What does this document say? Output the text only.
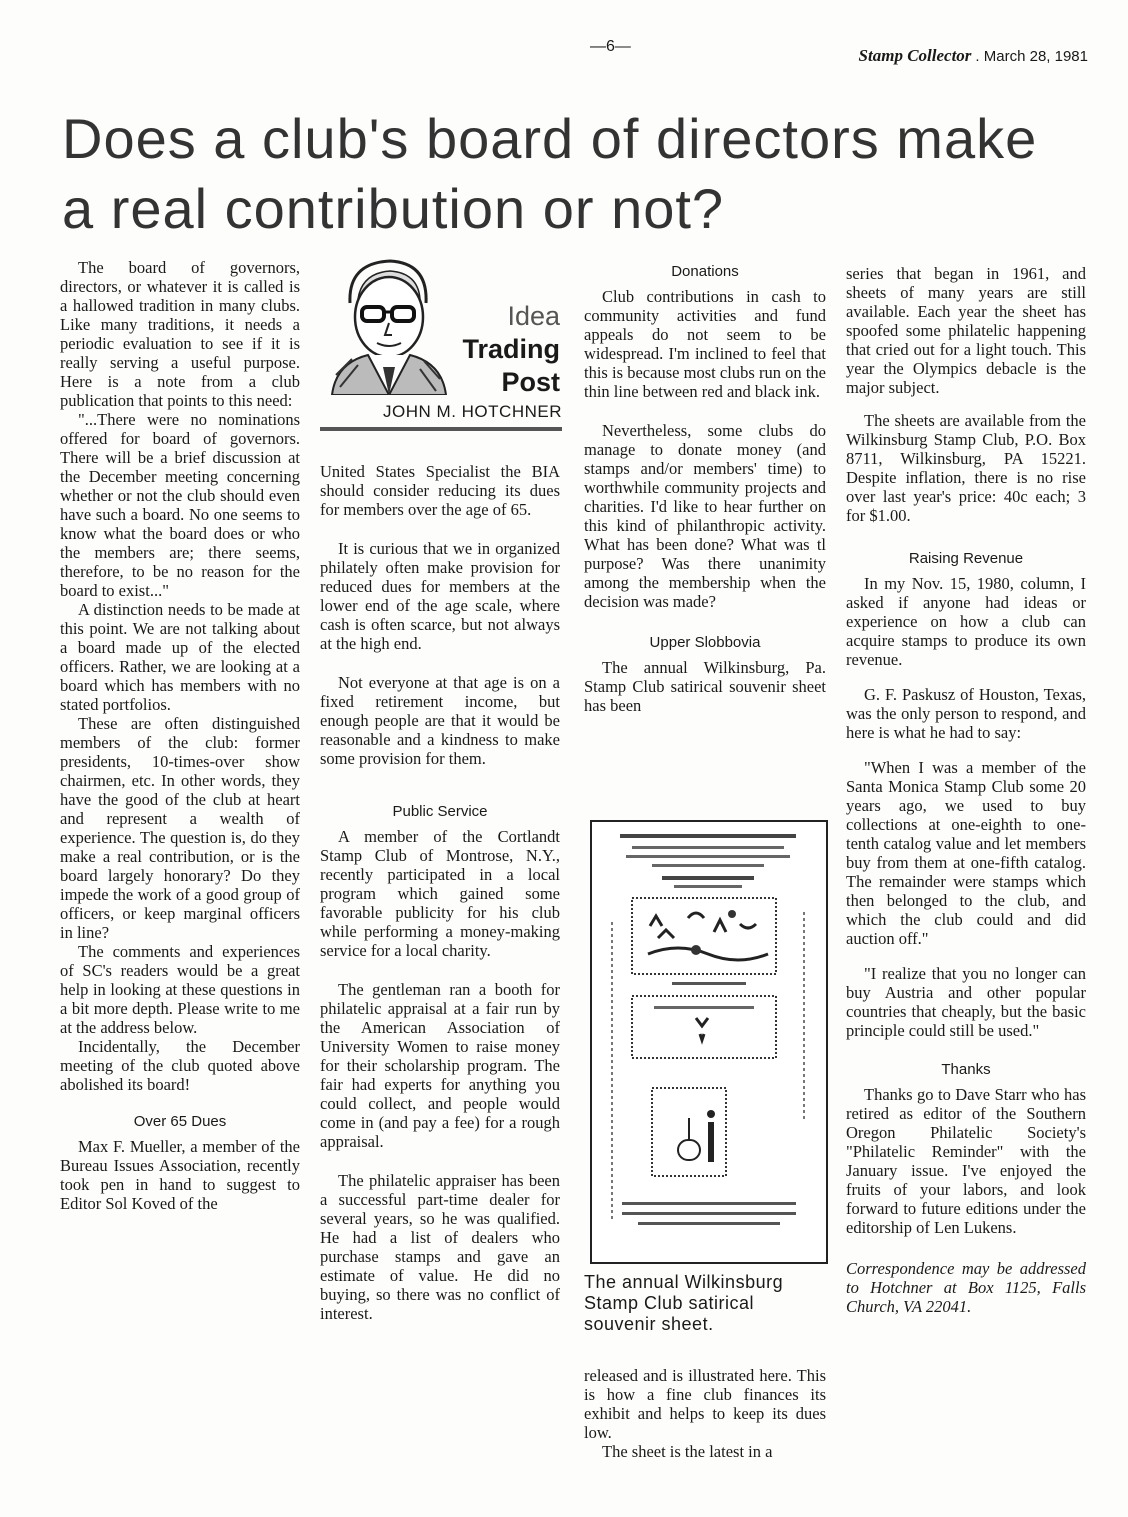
—6—	Stamp Collector . March 28, 1981
Does a club's board of directors make a real contribution or not?

The board of governors, directors, or whatever it is called is a hallowed tradition in many clubs. Like many traditions, it needs a periodic evaluation to see if it is really serving a useful purpose. Here is a note from a club publication that points to this need:

"...There were no nominations offered for board of governors. There will be a brief discussion at the December meeting concerning whether or not the club should even have such a board. No one seems to know what the board does or who the members are; there seems, therefore, to be no reason for the board to exist..."

A distinction needs to be made at this point. We are not talking about a board made up of the elected officers. Rather, we are looking at a board which has members with no stated portfolios.

These are often distinguished members of the club: former presidents, 10-times-over show chairmen, etc. In other words, they have the good of the club at heart and represent a wealth of experience. The question is, do they make a real contribution, or is the board largely honorary? Do they impede the work of a good group of officers, or keep marginal officers in line?

The comments and experiences of SC's readers would be a great help in looking at these questions in a bit more depth. Please write to me at the address below.

Incidentally, the December meeting of the club quoted above abolished its board!

Over 65 Dues

Max F. Mueller, a member of the Bureau Issues Association, recently took pen in hand to suggest to Editor Sol Koved of the

Idea
Trading
Post
JOHN M. HOTCHNER

United States Specialist the BIA should consider reducing its dues for members over the age of 65.

It is curious that we in organized philately often make provision for reduced dues for members at the lower end of the age scale, where cash is often scarce, but not always at the high end.

Not everyone at that age is on a fixed retirement income, but enough people are that it would be reasonable and a kindness to make some provision for them.

Public Service

A member of the Cortlandt Stamp Club of Montrose, N.Y., recently participated in a local program which gained some favorable publicity for his club while performing a money-making service for a local charity.

The gentleman ran a booth for philatelic appraisal at a fair run by the American Association of University Women to raise money for their scholarship program. The fair had experts for anything you could collect, and people would come in (and pay a fee) for a rough appraisal.

The philatelic appraiser has been a successful part-time dealer for several years, so he was qualified. He had a list of dealers who purchase stamps and gave an estimate of value. He did no buying, so there was no conflict of interest.

Donations

Club contributions in cash to community activities and fund appeals do not seem to be widespread. I'm inclined to feel that this is because most clubs run on the thin line between red and black ink.

Nevertheless, some clubs do manage to donate money (and stamps and/or members' time) to worthwhile community projects and charities. I'd like to hear further on this kind of philanthropic activity. What has been done? What was tl purpose? Was there unanimity among the membership when the decision was made?

Upper Slobbovia

The annual Wilkinsburg, Pa. Stamp Club satirical souvenir sheet has been

The annual Wilkinsburg Stamp Club satirical souvenir sheet.

released and is illustrated here. This is how a fine club finances its exhibit and helps to keep its dues low.

The sheet is the latest in a

series that began in 1961, and sheets of many years are still available. Each year the sheet has spoofed some philatelic happening that cried out for a light touch. This year the Olympics debacle is the major subject.

The sheets are available from the Wilkinsburg Stamp Club, P.O. Box 8711, Wilkinsburg, PA 15221. Despite inflation, there is no rise over last year's price: 40c each; 3 for $1.00.

Raising Revenue

In my Nov. 15, 1980, column, I asked if anyone had ideas or experience on how a club can acquire stamps to produce its own revenue.

G. F. Paskusz of Houston, Texas, was the only person to respond, and here is what he had to say:

"When I was a member of the Santa Monica Stamp Club some 20 years ago, we used to buy collections at one-eighth to one-tenth catalog value and let members buy from them at one-fifth catalog. The remainder were stamps which then belonged to the club, and which the club could and did auction off."

"I realize that you no longer can buy Austria and other popular countries that cheaply, but the basic principle could still be used."

Thanks

Thanks go to Dave Starr who has retired as editor of the Southern Oregon Philatelic Society's "Philatelic Reminder" with the January issue. I've enjoyed the fruits of your labors, and look forward to future editions under the editorship of Len Lukens.

Correspondence may be addressed to Hotchner at Box 1125, Falls Church, VA 22041.
